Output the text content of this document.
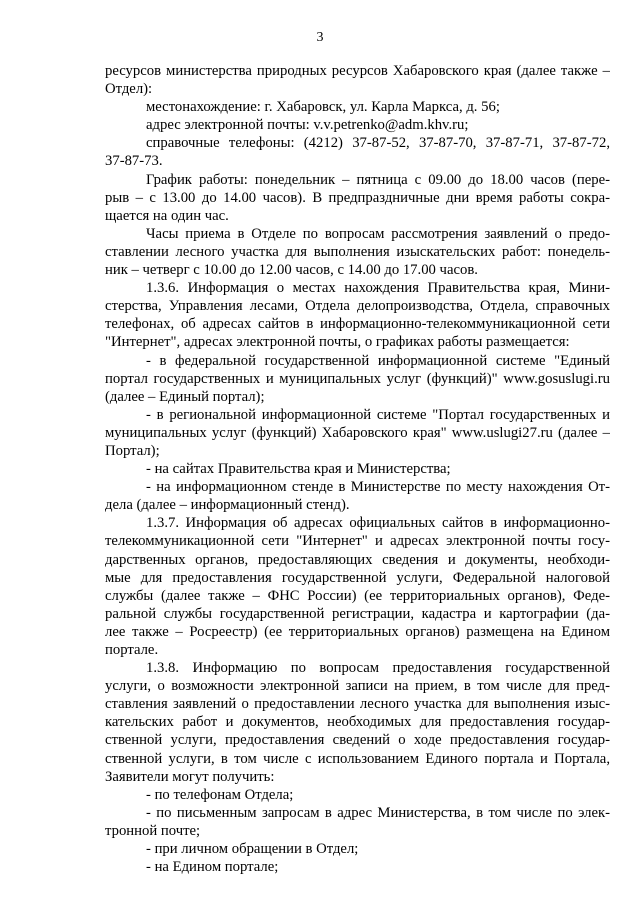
3
ресурсов министерства природных ресурсов Хабаровского края (далее также –
Отдел):
местонахождение: г. Хабаровск, ул. Карла Маркса, д. 56;
адрес электронной почты: v.v.petrenko@adm.khv.ru;
справочные телефоны: (4212) 37-87-52, 37-87-70, 37-87-71, 37-87-72,
37-87-73.
График работы: понедельник – пятница с 09.00 до 18.00 часов (пере-
рыв – с 13.00 до 14.00 часов). В предпраздничные дни время работы сокра-
щается на один час.
Часы приема в Отделе по вопросам рассмотрения заявлений о предо-
ставлении лесного участка для выполнения изыскательских работ: понедель-
ник – четверг с 10.00 до 12.00 часов, с 14.00 до 17.00 часов.
1.3.6. Информация о местах нахождения Правительства края, Мини-
стерства, Управления лесами, Отдела делопроизводства, Отдела, справочных
телефонах, об адресах сайтов в информационно-телекоммуникационной сети
"Интернет", адресах электронной почты, о графиках работы размещается:
- в федеральной государственной информационной системе "Единый
портал государственных и муниципальных услуг (функций)" www.gosuslugi.ru
(далее – Единый портал);
- в региональной информационной системе "Портал государственных и
муниципальных услуг (функций) Хабаровского края" www.uslugi27.ru (далее –
Портал);
- на сайтах Правительства края и Министерства;
- на информационном стенде в Министерстве по месту нахождения От-
дела (далее – информационный стенд).
1.3.7. Информация об адресах официальных сайтов в информационно-
телекоммуникационной сети "Интернет" и адресах электронной почты госу-
дарственных органов, предоставляющих сведения и документы, необходи-
мые для предоставления государственной услуги, Федеральной налоговой
службы (далее также – ФНС России) (ее территориальных органов), Феде-
ральной службы государственной регистрации, кадастра и картографии (да-
лее также – Росреестр) (ее территориальных органов) размещена на Едином
портале.
1.3.8. Информацию по вопросам предоставления государственной
услуги, о возможности электронной записи на прием, в том числе для пред-
ставления заявлений о предоставлении лесного участка для выполнения изыс-
кательских работ и документов, необходимых для предоставления государ-
ственной услуги, предоставления сведений о ходе предоставления государ-
ственной услуги, в том числе с использованием Единого портала и Портала,
Заявители могут получить:
- по телефонам Отдела;
- по письменным запросам в адрес Министерства, в том числе по элек-
тронной почте;
- при личном обращении в Отдел;
- на Едином портале;
